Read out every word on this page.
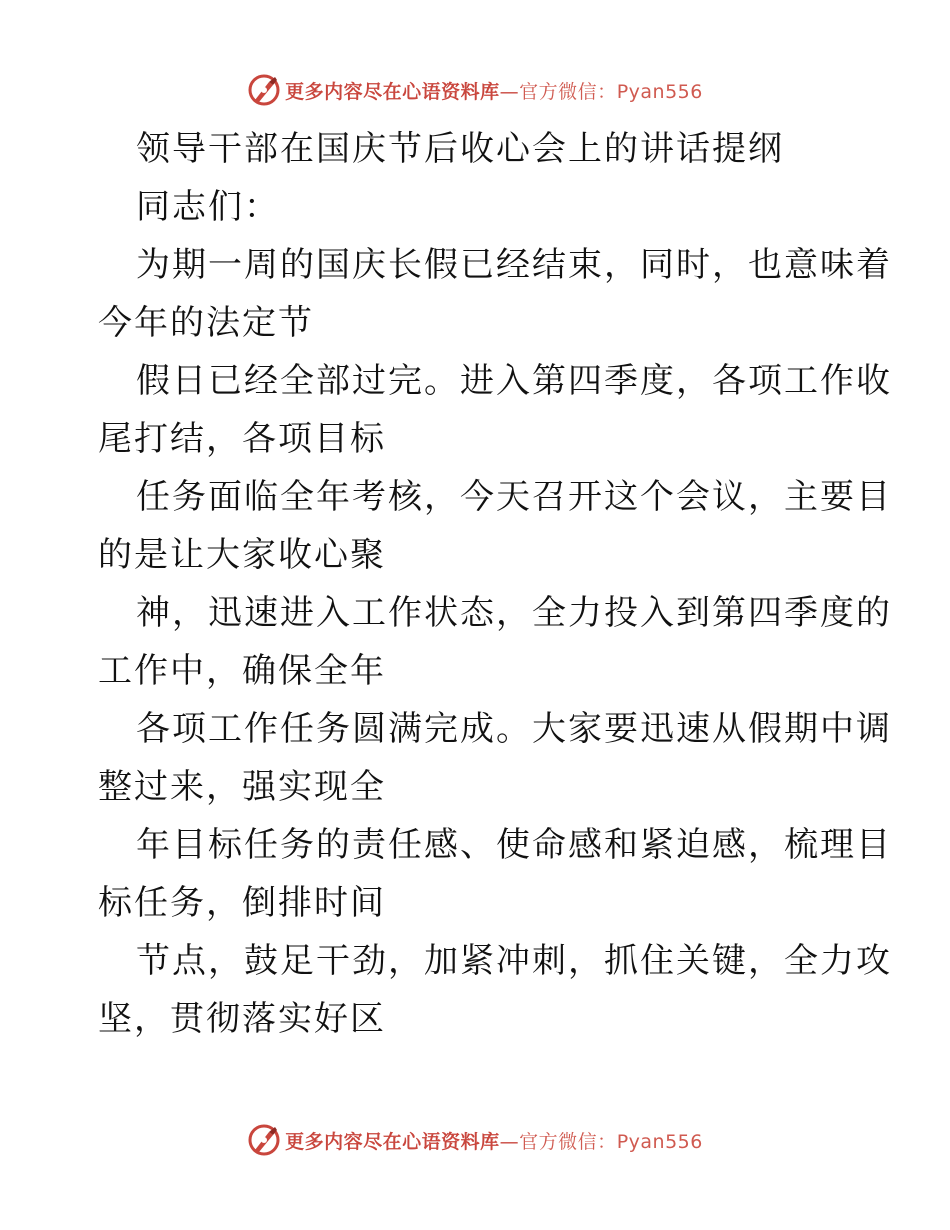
更多内容尽在心语资料库—官方微信：Pyan556
领导干部在国庆节后收心会上的讲话提纲
同志们：
为期一周的国庆长假已经结束，同时，也意味着
今年的法定节
假日已经全部过完。进入第四季度，各项工作收
尾打结，各项目标
任务面临全年考核，今天召开这个会议，主要目
的是让大家收心聚
神，迅速进入工作状态，全力投入到第四季度的
工作中，确保全年
各项工作任务圆满完成。大家要迅速从假期中调
整过来，强实现全
年目标任务的责任感、使命感和紧迫感，梳理目
标任务，倒排时间
节点，鼓足干劲，加紧冲刺，抓住关键，全力攻
坚，贯彻落实好区
更多内容尽在心语资料库—官方微信：Pyan556
